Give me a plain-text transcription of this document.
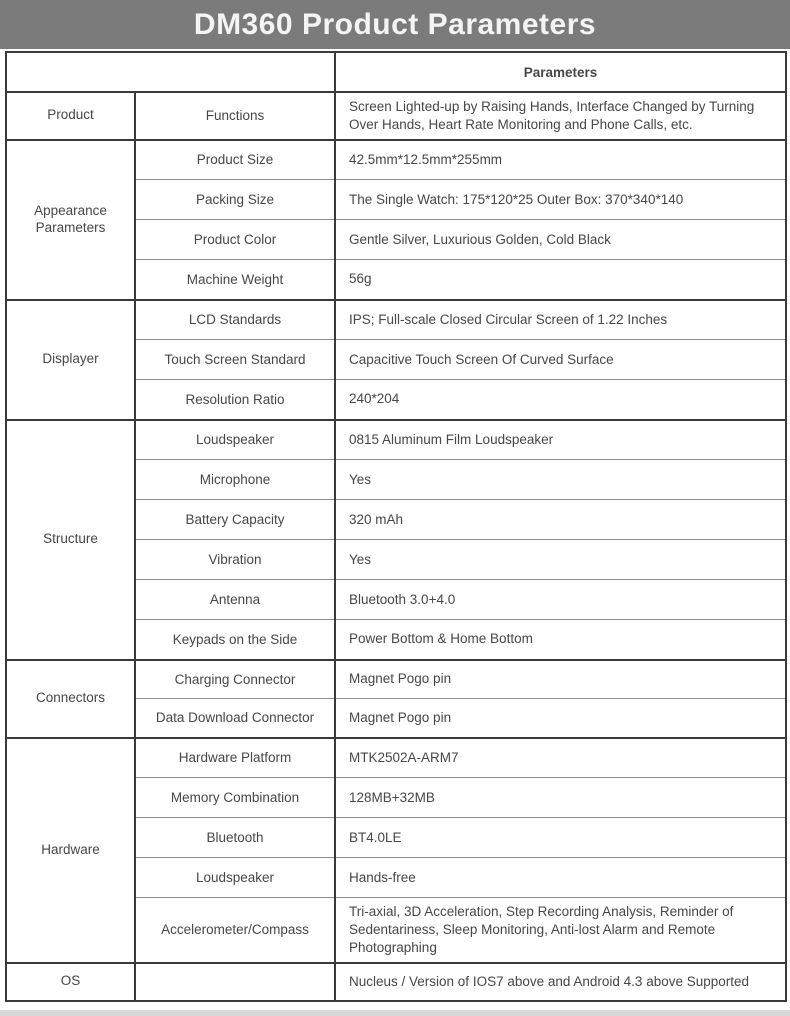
DM360 Product Parameters
		Parameters
Product	Functions	Screen Lighted-up by Raising Hands, Interface Changed by Turning Over Hands, Heart Rate Monitoring and Phone Calls, etc.
Appearance Parameters	Product Size	42.5mm*12.5mm*255mm
	Packing Size	The Single Watch: 175*120*25 Outer Box: 370*340*140
	Product Color	Gentle Silver, Luxurious Golden, Cold Black
	Machine Weight	56g
Displayer	LCD Standards	IPS; Full-scale Closed Circular Screen of 1.22 Inches
	Touch Screen Standard	Capacitive Touch Screen Of Curved Surface
	Resolution Ratio	240*204
Structure	Loudspeaker	0815 Aluminum Film Loudspeaker
	Microphone	Yes
	Battery Capacity	320 mAh
	Vibration	Yes
	Antenna	Bluetooth 3.0+4.0
	Keypads on the Side	Power Bottom & Home Bottom
Connectors	Charging Connector	Magnet Pogo pin
	Data Download Connector	Magnet Pogo pin
Hardware	Hardware Platform	MTK2502A-ARM7
	Memory Combination	128MB+32MB
	Bluetooth	BT4.0LE
	Loudspeaker	Hands-free
	Accelerometer/Compass	Tri-axial, 3D Acceleration, Step Recording Analysis, Reminder of Sedentariness, Sleep Monitoring, Anti-lost Alarm and Remote Photographing
OS		Nucleus / Version of IOS7 above and Android 4.3 above Supported
